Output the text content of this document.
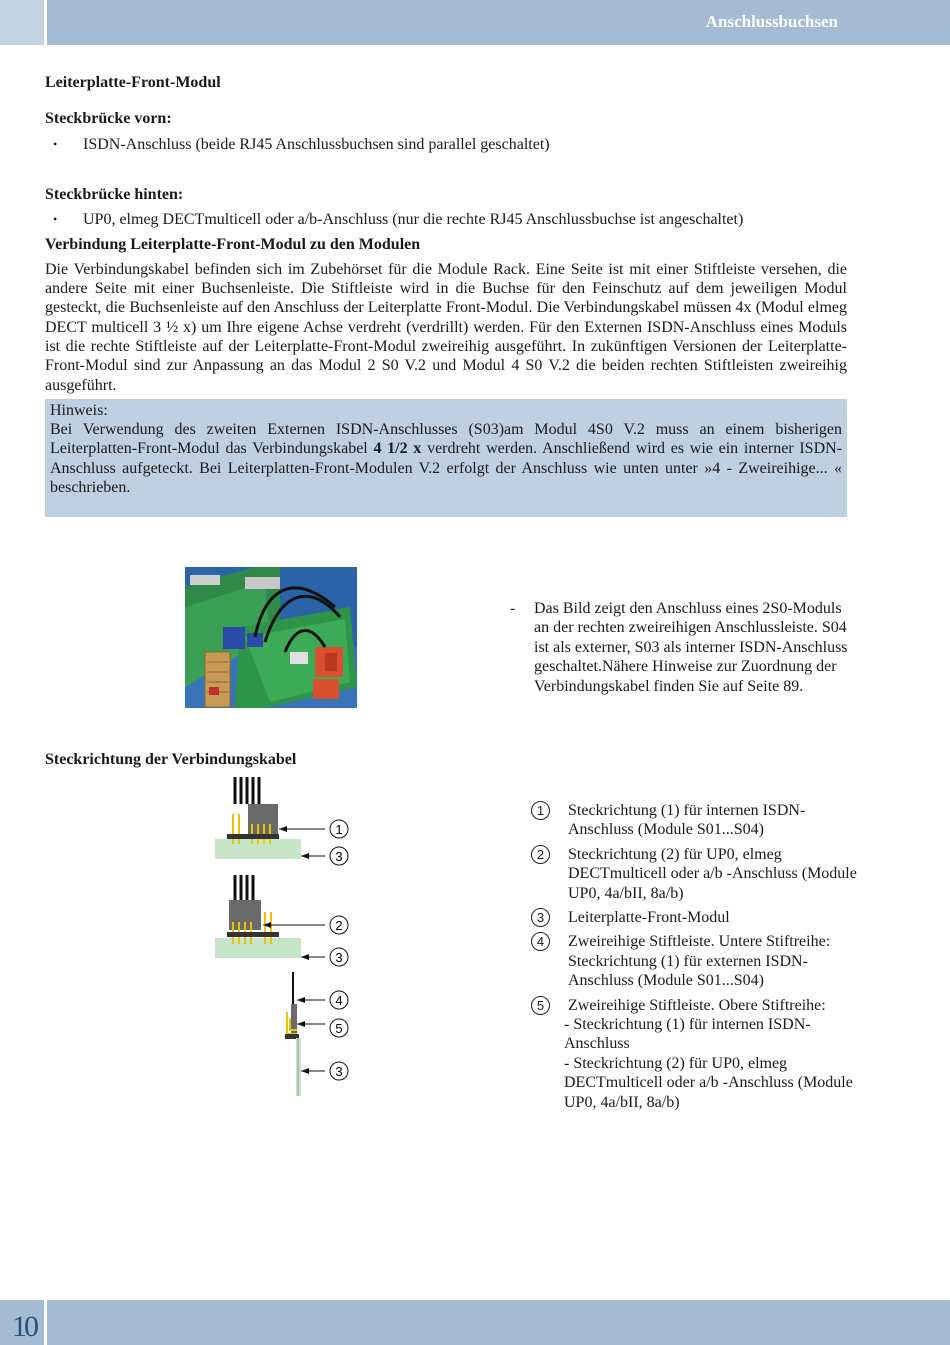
Anschlussbuchsen

Leiterplatte-Front-Modul

Steckbrücke vorn:

• ISDN-Anschluss (beide RJ45 Anschlussbuchsen sind parallel geschaltet)

Steckbrücke hinten:

• UP0, elmeg DECTmulticell oder a/b-Anschluss (nur die rechte RJ45 Anschlussbuchse ist angeschaltet)

Verbindung Leiterplatte-Front-Modul zu den Modulen

Die Verbindungskabel befinden sich im Zubehörset für die Module Rack. Eine Seite ist mit einer Stiftleiste versehen, die andere Seite mit einer Buchsenleiste. Die Stiftleiste wird in die Buchse für den Feinschutz auf dem jeweiligen Modul gesteckt, die Buchsenleiste auf den Anschluss der Leiterplatte Front-Modul. Die Verbindungskabel müssen 4x (Modul elmeg DECT multicell 3 ½ x) um Ihre eigene Achse verdreht (verdrillt) werden. Für den Externen ISDN-Anschluss eines Moduls ist die rechte Stiftleiste auf der Leiterplatte-Front-Modul zweireihig ausgeführt. In zukünftigen Versionen der Leiterplatte-Front-Modul sind zur Anpassung an das Modul 2 S0 V.2 und Modul 4 S0 V.2 die beiden rechten Stiftleisten zweireihig ausgeführt.

Hinweis:
Bei Verwendung des zweiten Externen ISDN-Anschlusses (S03)am Modul 4S0 V.2 muss an einem bisherigen Leiterplatten-Front-Modul das Verbindungskabel 4 1/2 x verdreht werden. Anschließend wird es wie ein interner ISDN-Anschluss aufgeteckt. Bei Leiterplatten-Front-Modulen V.2 erfolgt der Anschluss wie unten unter »4 - Zweireihige... « beschrieben.
- Das Bild zeigt den Anschluss eines 2S0-Moduls an der rechten zweireihigen Anschlussleiste. S04 ist als externer, S03 als interner ISDN-Anschluss geschaltet.Nähere Hinweise zur Zuordnung der Verbindungskabel finden Sie auf Seite 89.
Steckrichtung der Verbindungskabel
1
3
2
3
4
5
3
1	Steckrichtung (1) für internen ISDN-Anschluss (Module S01...S04)
2	Steckrichtung (2) für UP0, elmeg DECTmulticell oder a/b -Anschluss (Module UP0, 4a/bII, 8a/b)
3	Leiterplatte-Front-Modul
4	Zweireihige Stiftleiste. Untere Stiftreihe: Steckrichtung (1) für externen ISDN-Anschluss (Module S01...S04)
5	Zweireihige Stiftleiste. Obere Stiftreihe:
- Steckrichtung (1) für internen ISDN-Anschluss
- Steckrichtung (2) für UP0, elmeg DECTmulticell oder a/b -Anschluss (Module UP0, 4a/bII, 8a/b)
10
